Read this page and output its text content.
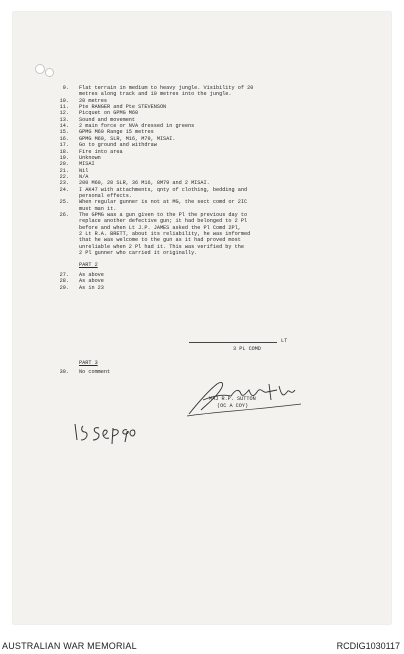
9. Flat terrain in medium to heavy jungle. Visibility of 20
metres along track and 10 metres into the jungle.
10. 20 metres
11. Pte RANGER and Pte STEVENSON
12. Picquet on GPMG M60
13. Sound and movement
14. 2 main force or NVA dressed in greens
15. GPMG M60 Range 15 metres
16. GPMG M60, SLR, M16, M79, MISAI.
17. Go to ground and withdraw
18. Fire into area
19. Unknown
20. MISAI
21. Nil
22. N/A
23. 200 M60, 20 SLR, 36 M16, 8M79 and 2 MISAI.
24. I AK47 with attachments, qnty of clothing, bedding and
personal effects.
25. When regular gunner is not at MG, the sect comd or 2IC
must man it.
26. The GPMG was a gun given to the Pl the previous day to
replace another defective gun; it had belonged to 2 Pl
before and when Lt J.P. JAMES asked the Pl Comd 2Pl,
2 Lt R.A. BRETT, about its reliability, he was informed
that he was welcome to the gun as it had proved most
unreliable when 2 Pl had it. This was verified by the
2 Pl gunner who carried it originally.
PART 2
27. As above
28. As above
29. As in 23
LT
3 PL COMD
PART 3
30. No comment
MAJ R.P. SUTTON
(OC A COY)
AUSTRALIAN WAR MEMORIAL	RCDIG1030117
